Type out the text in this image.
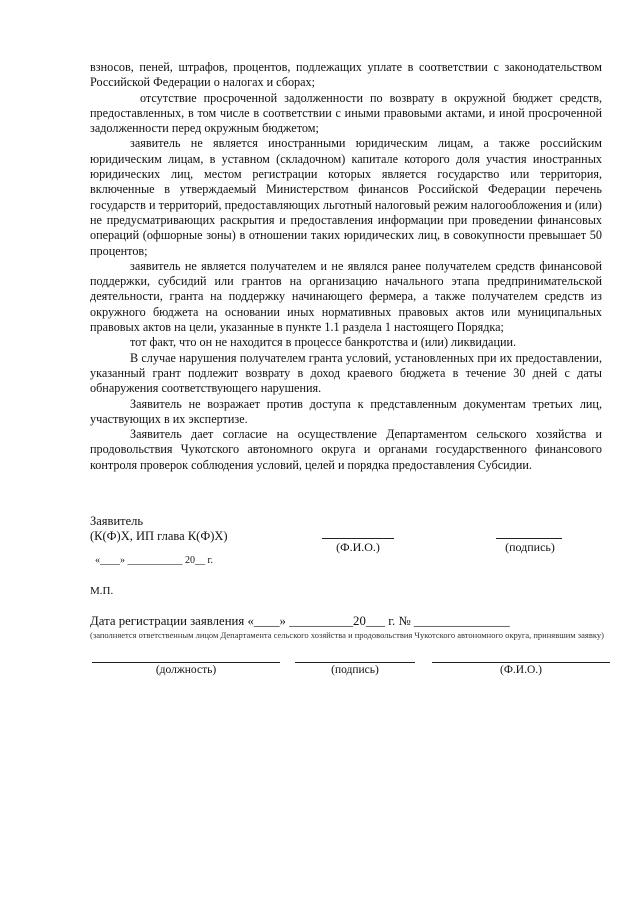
взносов, пеней, штрафов, процентов, подлежащих уплате в соответствии с законодательством Российской Федерации о налогах и сборах;

отсутствие просроченной задолженности по возврату в окружной бюджет средств, предоставленных, в том числе в соответствии с иными правовыми актами, и иной просроченной задолженности перед окружным бюджетом;

заявитель не является иностранными юридическим лицам, а также российским юридическим лицам, в уставном (складочном) капитале которого доля участия иностранных юридических лиц, местом регистрации которых является государство или территория, включенные в утверждаемый Министерством финансов Российской Федерации перечень государств и территорий, предоставляющих льготный налоговый режим налогообложения и (или) не предусматривающих раскрытия и предоставления информации при проведении финансовых операций (офшорные зоны) в отношении таких юридических лиц, в совокупности превышает 50 процентов;

заявитель не является получателем и не являлся ранее получателем средств финансовой поддержки, субсидий или грантов на организацию начального этапа предпринимательской деятельности, гранта на поддержку начинающего фермера, а также получателем средств из окружного бюджета на основании иных нормативных правовых актов или муниципальных правовых актов на цели, указанные в пункте 1.1 раздела 1 настоящего Порядка;

тот факт, что он не находится в процессе банкротства и (или) ликвидации.

В случае нарушения получателем гранта условий, установленных при их предоставлении, указанный грант подлежит возврату в доход краевого бюджета в течение 30 дней с даты обнаружения соответствующего нарушения.

Заявитель не возражает против доступа к представленным документам третьих лиц, участвующих в их экспертизе.

Заявитель дает согласие на осуществление Департаментом сельского хозяйства и продовольствия Чукотского автономного округа и органами государственного финансового контроля проверок соблюдения условий, целей и порядка предоставления Субсидии.

Заявитель
(К(Ф)Х, ИП глава К(Ф)Х)
(Ф.И.О.)	(подпись)
«____» ___________ 20__ г.
М.П.
Дата регистрации заявления «____» __________20___ г. № _______________
(заполняется ответственным лицом Департамента сельского хозяйства и продовольствия Чукотского автономного округа, принявшим заявку)
(должность)	(подпись)	(Ф.И.О.)
